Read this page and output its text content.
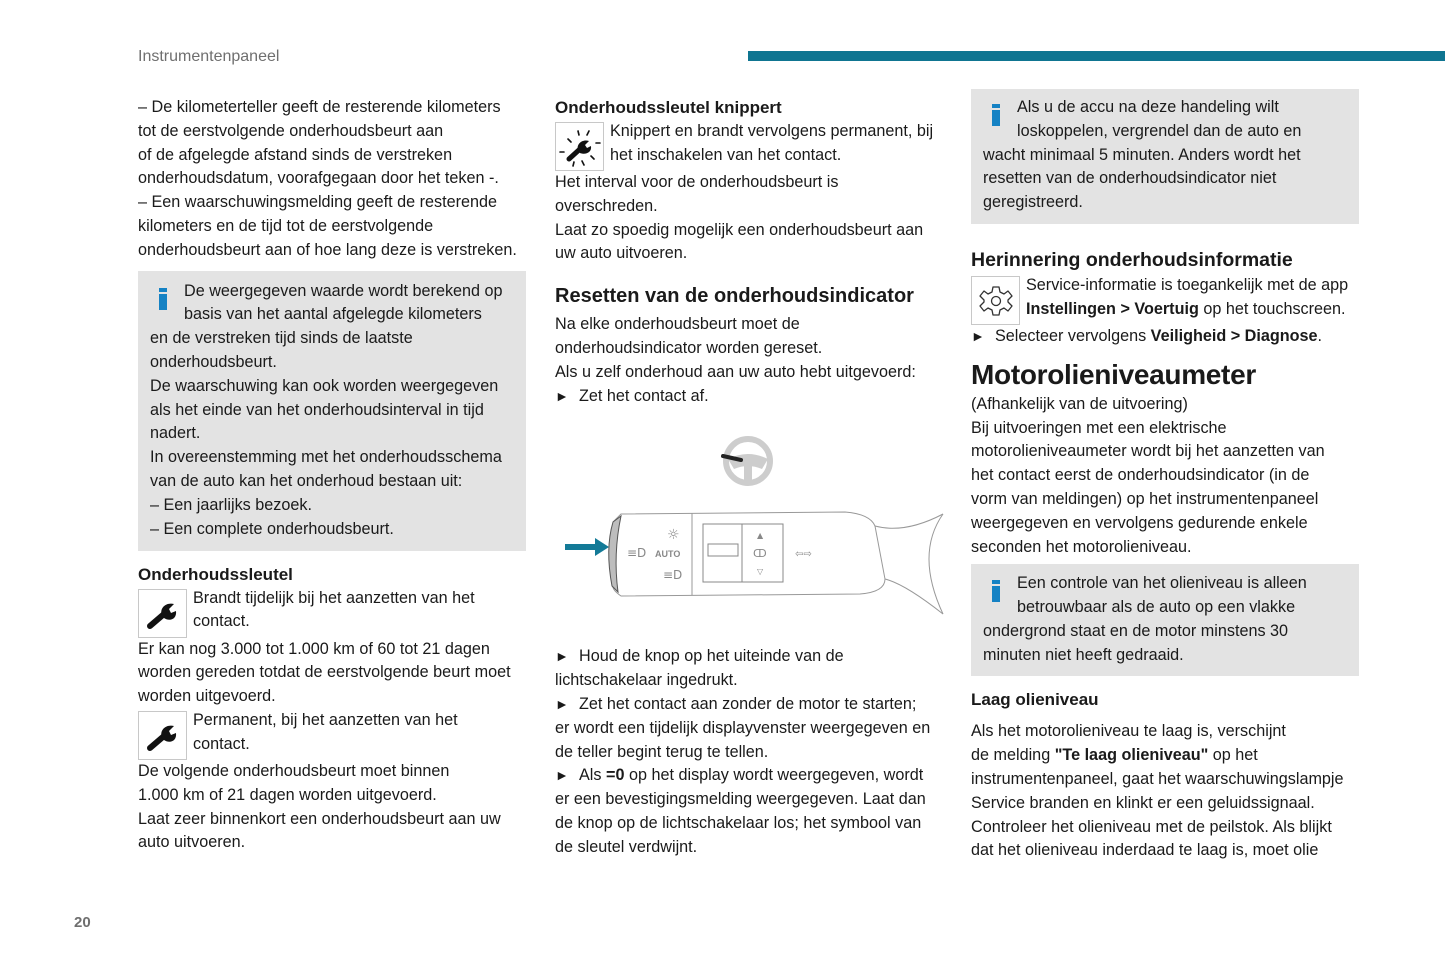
Instrumentenpaneel

– De kilometerteller geeft de resterende kilometers

tot de eerstvolgende onderhoudsbeurt aan

of de afgelegde afstand sinds de verstreken

onderhoudsdatum, voorafgegaan door het teken -.

– Een waarschuwingsmelding geeft de resterende

kilometers en de tijd tot de eerstvolgende

onderhoudsbeurt aan of hoe lang deze is verstreken.

De weergegeven waarde wordt berekend op

basis van het aantal afgelegde kilometers

en de verstreken tijd sinds de laatste

onderhoudsbeurt.

De waarschuwing kan ook worden weergegeven

als het einde van het onderhoudsinterval in tijd

nadert.

In overeenstemming met het onderhoudsschema

van de auto kan het onderhoud bestaan uit:

– Een jaarlijks bezoek.

– Een complete onderhoudsbeurt.

Onderhoudssleutel

Brandt tijdelijk bij het aanzetten van het

contact.

Er kan nog 3.000 tot 1.000 km of 60 tot 21 dagen

worden gereden totdat de eerstvolgende beurt moet

worden uitgevoerd.

Permanent, bij het aanzetten van het

contact.

De volgende onderhoudsbeurt moet binnen

1.000 km of 21 dagen worden uitgevoerd.

Laat zeer binnenkort een onderhoudsbeurt aan uw

auto uitvoeren.

Onderhoudssleutel knippert

Knippert en brandt vervolgens permanent, bij

het inschakelen van het contact.

Het interval voor de onderhoudsbeurt is

overschreden.

Laat zo spoedig mogelijk een onderhoudsbeurt aan

uw auto uitvoeren.

Resetten van de onderhoudsindicator

Na elke onderhoudsbeurt moet de

onderhoudsindicator worden gereset.

Als u zelf onderhoud aan uw auto hebt uitgevoerd:

► Zet het contact af.

AUTO
≡D
≡D
☼	▲
ↀ
▽
⇦⇨

► Houd de knop op het uiteinde van de

lichtschakelaar ingedrukt.

► Zet het contact aan zonder de motor te starten;

er wordt een tijdelijk displayvenster weergegeven en

de teller begint terug te tellen.

► Als =0 op het display wordt weergegeven, wordt

er een bevestigingsmelding weergegeven. Laat dan

de knop op de lichtschakelaar los; het symbool van

de sleutel verdwijnt.

Als u de accu na deze handeling wilt

loskoppelen, vergrendel dan de auto en

wacht minimaal 5 minuten. Anders wordt het

resetten van de onderhoudsindicator niet

geregistreerd.

Herinnering onderhoudsinformatie

Service-informatie is toegankelijk met de app

Instellingen > Voertuig op het touchscreen.

► Selecteer vervolgens Veiligheid > Diagnose.

Motorolieniveaumeter

(Afhankelijk van de uitvoering)

Bij uitvoeringen met een elektrische

motorolieniveaumeter wordt bij het aanzetten van

het contact eerst de onderhoudsindicator (in de

vorm van meldingen) op het instrumentenpaneel

weergegeven en vervolgens gedurende enkele

seconden het motorolieniveau.

Een controle van het olieniveau is alleen

betrouwbaar als de auto op een vlakke

ondergrond staat en de motor minstens 30

minuten niet heeft gedraaid.

Laag olieniveau

Als het motorolieniveau te laag is, verschijnt

de melding "Te laag olieniveau" op het

instrumentenpaneel, gaat het waarschuwingslampje

Service branden en klinkt er een geluidssignaal.

Controleer het olieniveau met de peilstok. Als blijkt

dat het olieniveau inderdaad te laag is, moet olie

20
